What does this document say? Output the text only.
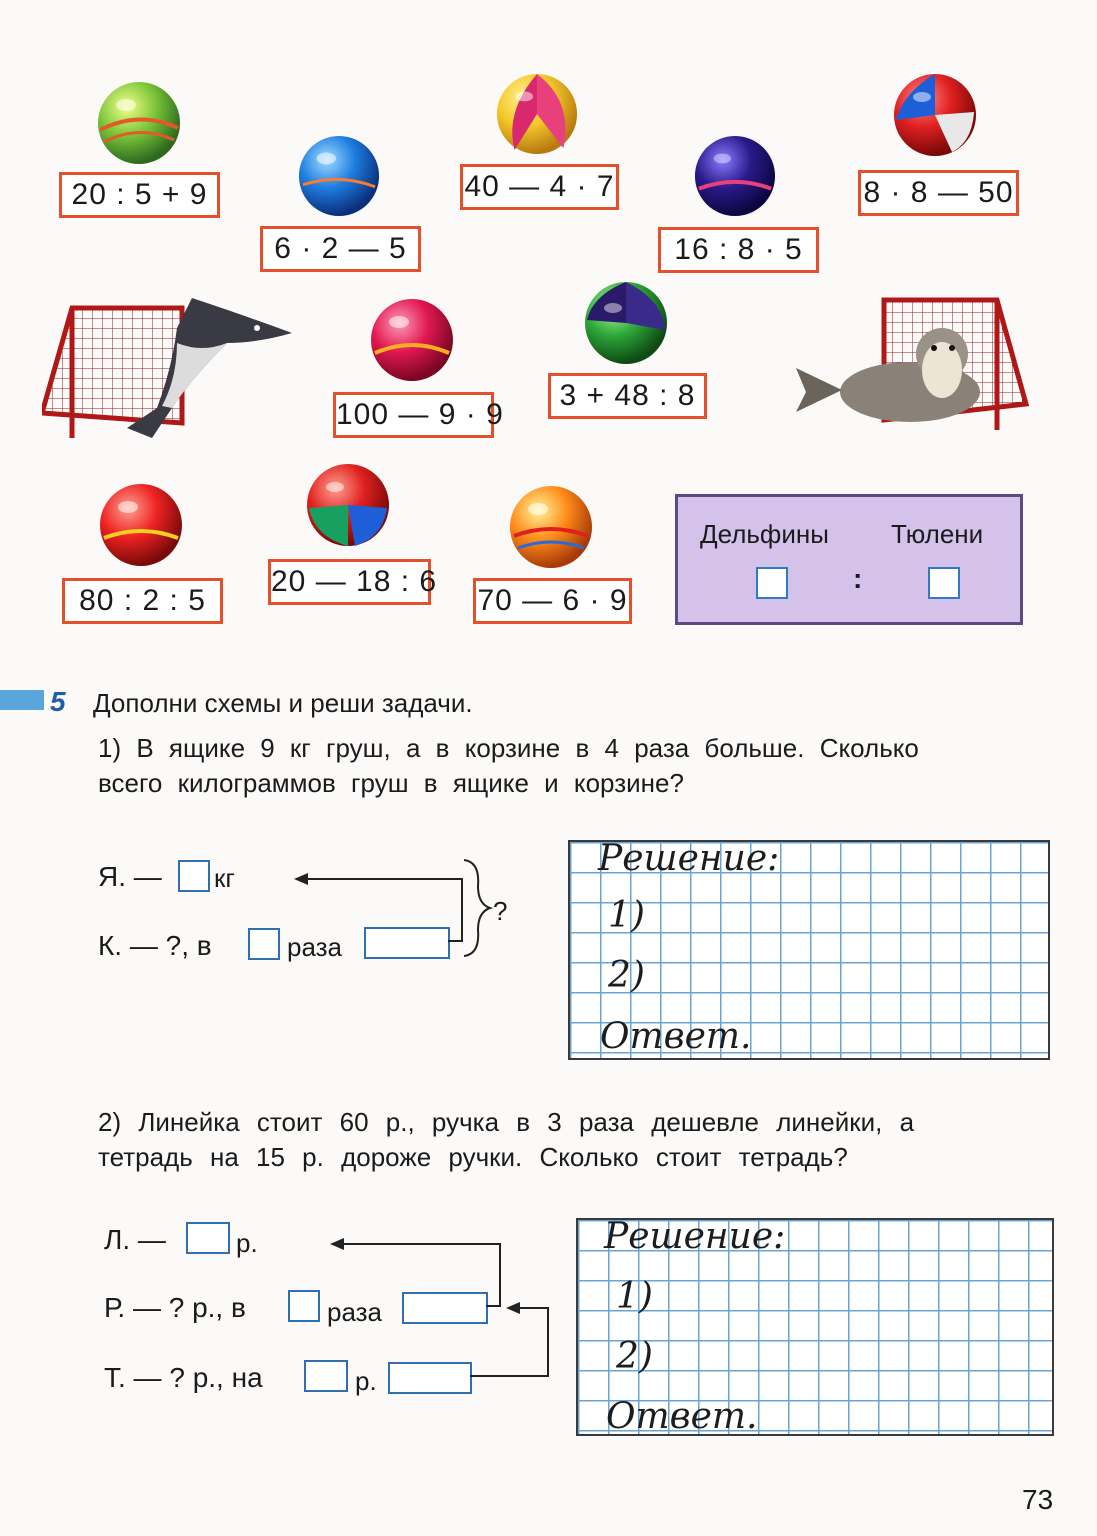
20 : 5 + 9
6 · 2 — 5
40 — 4 · 7
16 : 8 · 5
8 · 8 — 50
100 — 9 · 9
3 + 48 : 8
80 : 2 : 5
20 — 18 : 6
70 — 6 · 9
Дельфины Тюлени
:
5 Дополни схемы и реши задачи.
1) В ящике 9 кг груш, а в корзине в 4 раза больше. Сколько
всего килограммов груш в ящике и корзине?
Я. — кг
К. — ?, в	раза
?
Решение:
1)
2)
Ответ.
2) Линейка стоит 60 р., ручка в 3 раза дешевле линейки, а
тетрадь на 15 р. дороже ручки. Сколько стоит тетрадь?
Л. —	р.
Р. — ? р., в	раза
Т. — ? р., на	р.
Решение:
1)
2)
Ответ.
73
